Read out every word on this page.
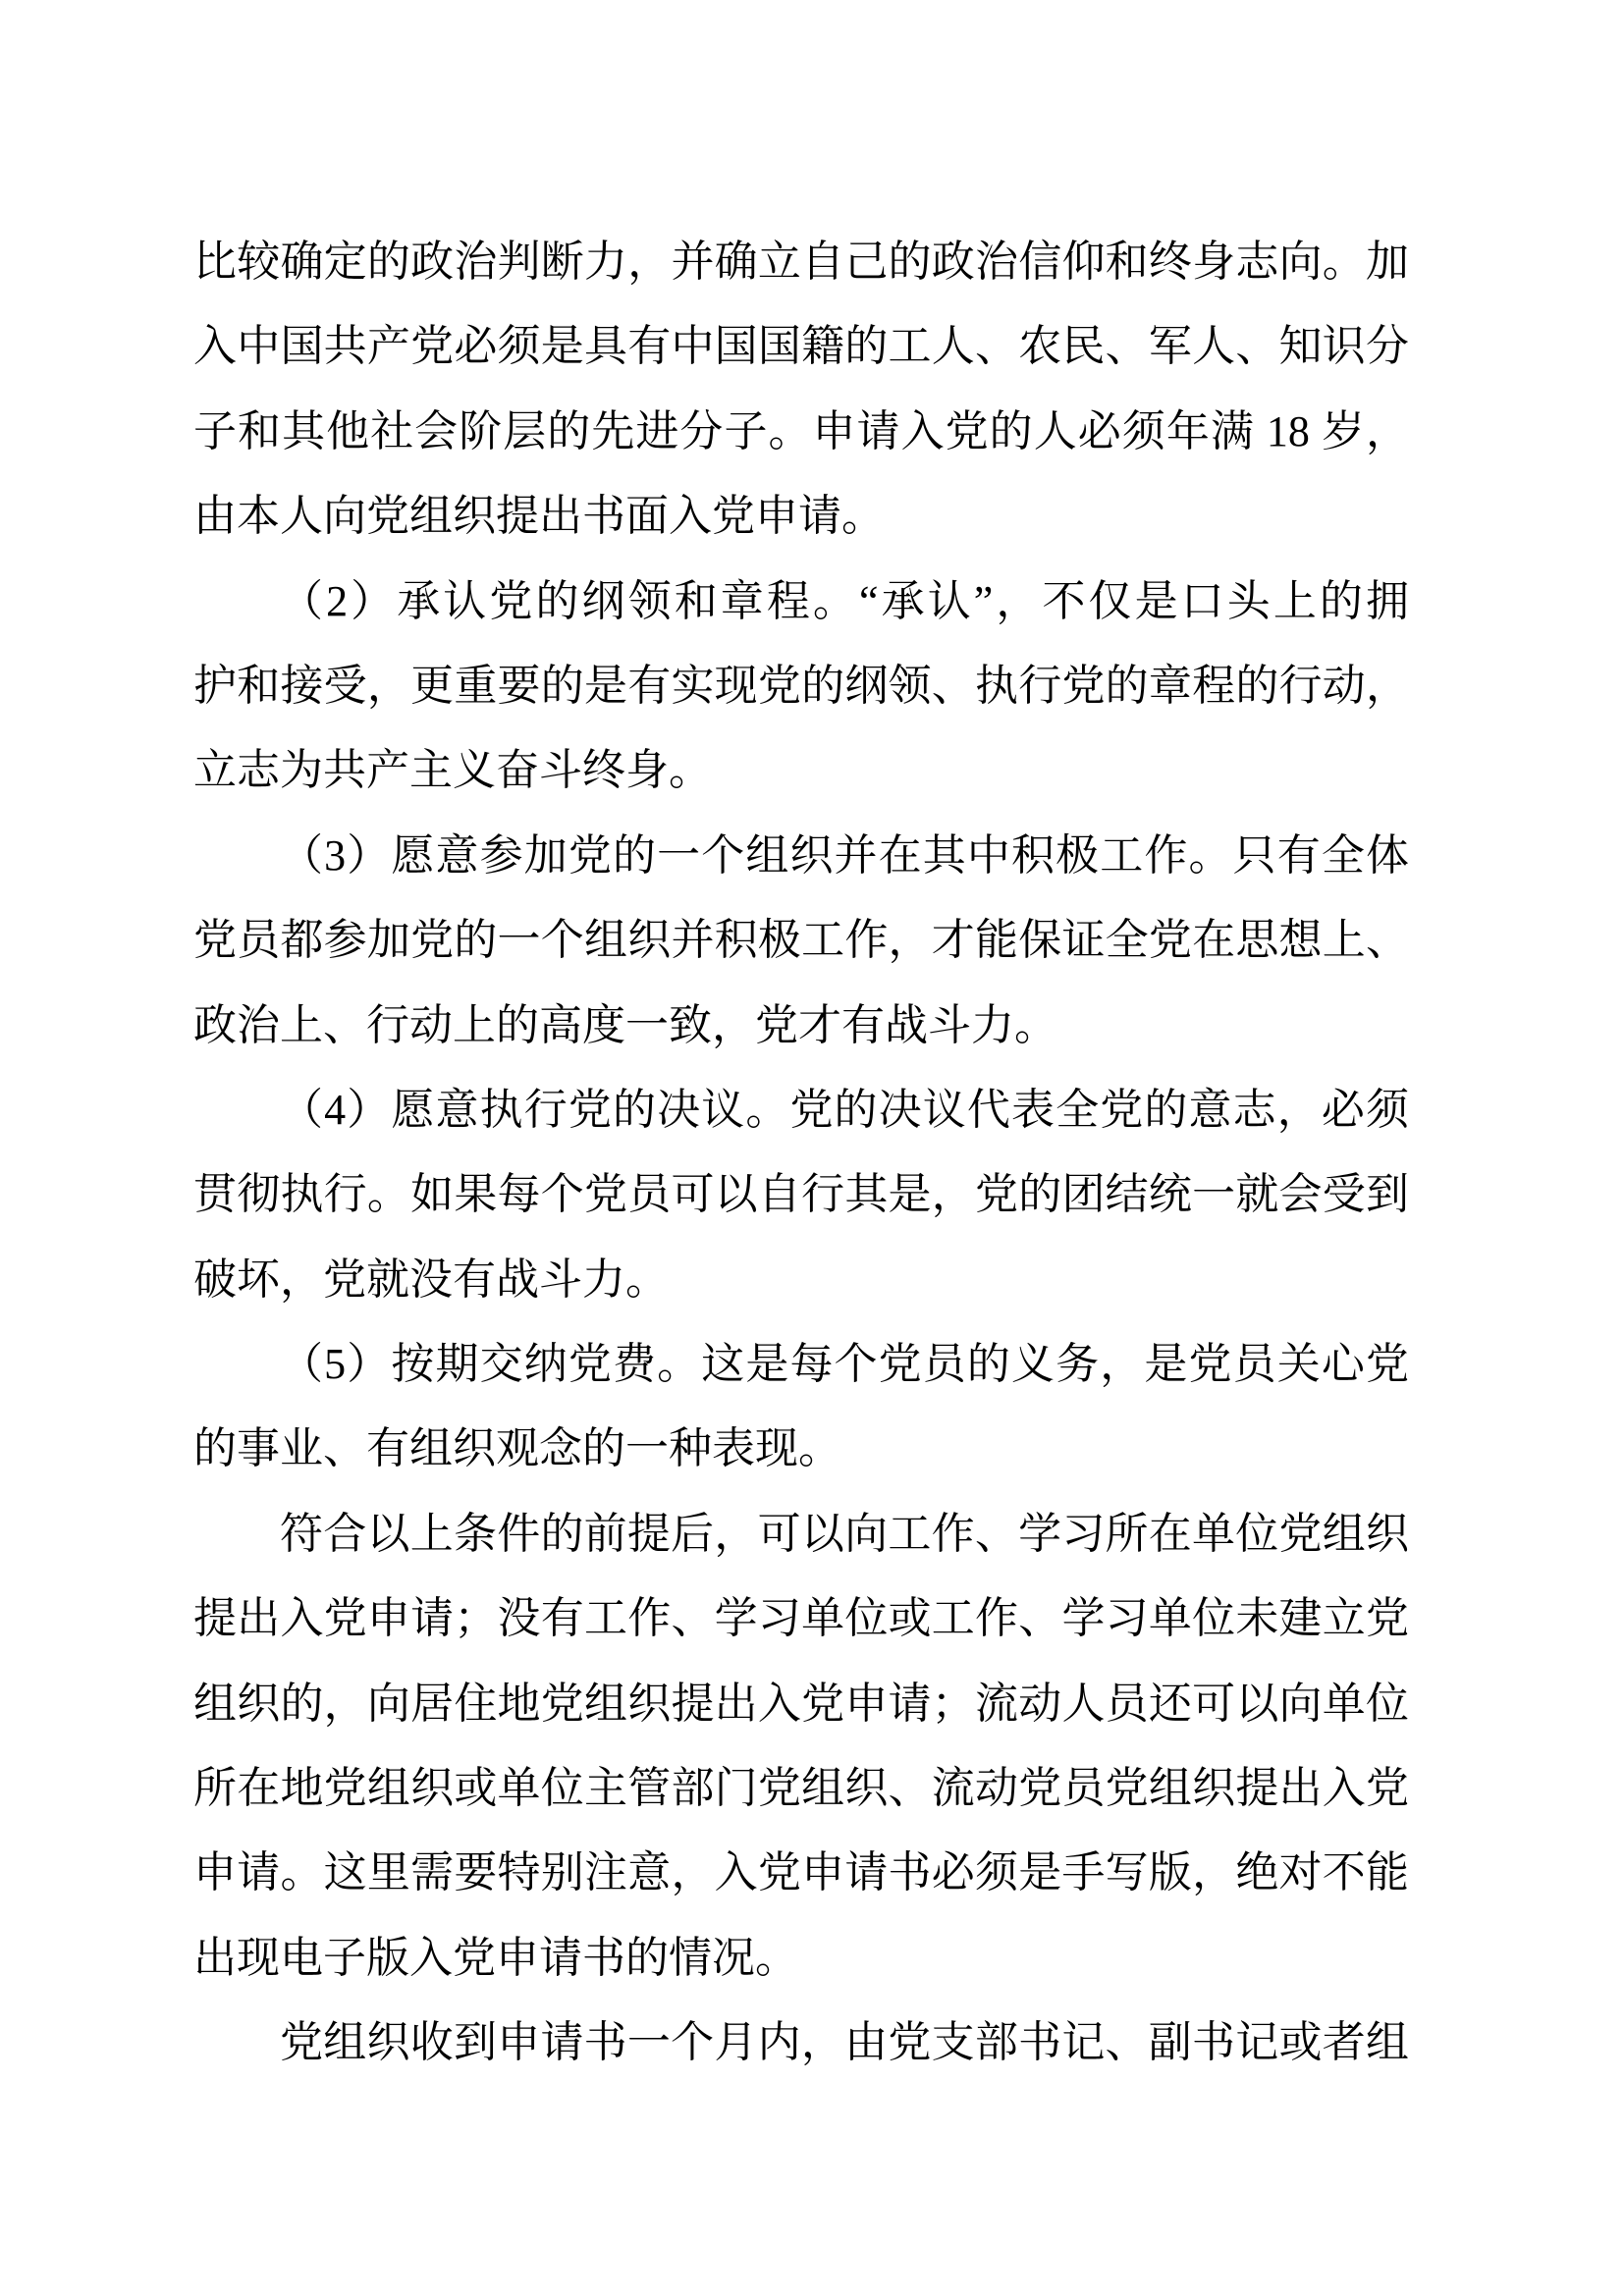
比较确定的政治判断力，并确立自己的政治信仰和终身志向。加
入中国共产党必须是具有中国国籍的工人、农民、军人、知识分
子和其他社会阶层的先进分子。申请入党的人必须年满 18 岁，
由本人向党组织提出书面入党申请。
（2）承认党的纲领和章程。“承认”，不仅是口头上的拥
护和接受，更重要的是有实现党的纲领、执行党的章程的行动，
立志为共产主义奋斗终身。
（3）愿意参加党的一个组织并在其中积极工作。只有全体
党员都参加党的一个组织并积极工作，才能保证全党在思想上、
政治上、行动上的高度一致，党才有战斗力。
（4）愿意执行党的决议。党的决议代表全党的意志，必须
贯彻执行。如果每个党员可以自行其是，党的团结统一就会受到
破坏，党就没有战斗力。
（5）按期交纳党费。这是每个党员的义务，是党员关心党
的事业、有组织观念的一种表现。
符合以上条件的前提后，可以向工作、学习所在单位党组织
提出入党申请；没有工作、学习单位或工作、学习单位未建立党
组织的，向居住地党组织提出入党申请；流动人员还可以向单位
所在地党组织或单位主管部门党组织、流动党员党组织提出入党
申请。这里需要特别注意，入党申请书必须是手写版，绝对不能
出现电子版入党申请书的情况。
党组织收到申请书一个月内，由党支部书记、副书记或者组
